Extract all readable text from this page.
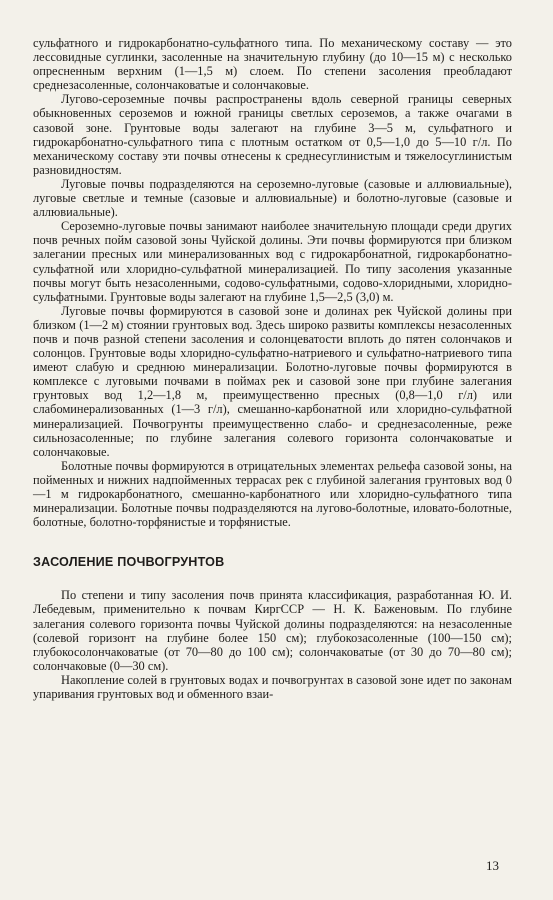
сульфатного и гидрокарбонатно-сульфатного типа. По механическому составу — это лессовидные суглинки, засоленные на значительную глубину (до 10—15 м) с несколько опресненным верхним (1—1,5 м) слоем. По степени засоления преобладают среднезасоленные, солончаковатые и солончаковые.

Лугово-сероземные почвы распространены вдоль северной границы северных обыкновенных сероземов и южной границы светлых сероземов, а также очагами в сазовой зоне. Грунтовые воды залегают на глубине 3—5 м, сульфатного и гидрокарбонатно-сульфатного типа с плотным остатком от 0,5—1,0 до 5—10 г/л. По механическому составу эти почвы отнесены к среднесуглинистым и тяжелосуглинистым разновидностям.

Луговые почвы подразделяются на сероземно-луговые (сазовые и аллювиальные), луговые светлые и темные (сазовые и аллювиальные) и болотно-луговые (сазовые и аллювиальные).

Сероземно-луговые почвы занимают наиболее значительную площади среди других почв речных пойм сазовой зоны Чуйской долины. Эти почвы формируются при близком залегании пресных или минерализованных вод с гидрокарбонатной, гидрокарбонатно-сульфатной или хлоридно-сульфатной минерализацией. По типу засоления указанные почвы могут быть незасоленными, содово-сульфатными, содово-хлоридными, хлоридно-сульфатными. Грунтовые воды залегают на глубине 1,5—2,5 (3,0) м.

Луговые почвы формируются в сазовой зоне и долинах рек Чуйской долины при близком (1—2 м) стоянии грунтовых вод. Здесь широко развиты комплексы незасоленных почв и почв разной степени засоления и солонцеватости вплоть до пятен солончаков и солонцов. Грунтовые воды хлоридно-сульфатно-натриевого и сульфатно-натриевого типа имеют слабую и среднюю минерализации. Болотно-луговые почвы формируются в комплексе с луговыми почвами в поймах рек и сазовой зоне при глубине залегания грунтовых вод 1,2—1,8 м, преимущественно пресных (0,8—1,0 г/л) или слабоминерализованных (1—3 г/л), смешанно-карбонатной или хлоридно-сульфатной минерализацией. Почвогрунты преимущественно слабо- и среднезасоленные, реже сильнозасоленные; по глубине залегания солевого горизонта солончаковатые и солончаковые.

Болотные почвы формируются в отрицательных элементах рельефа сазовой зоны, на пойменных и нижних надпойменных террасах рек с глубиной залегания грунтовых вод 0—1 м гидрокарбонатного, смешанно-карбонатного или хлоридно-сульфатного типа минерализации. Болотные почвы подразделяются на лугово-болотные, иловато-болотные, болотные, болотно-торфянистые и торфянистые.

ЗАСОЛЕНИЕ ПОЧВОГРУНТОВ

По степени и типу засоления почв принята классификация, разработанная Ю. И. Лебедевым, применительно к почвам КиргССР — Н. К. Баженовым. По глубине залегания солевого горизонта почвы Чуйской долины подразделяются: на незасоленные (солевой горизонт на глубине более 150 см); глубокозасоленные (100—150 см); глубокосолончаковатые (от 70—80 до 100 см); солончаковатые (от 30 до 70—80 см); солончаковые (0—30 см).

Накопление солей в грунтовых водах и почвогрунтах в сазовой зоне идет по законам упаривания грунтовых вод и обменного взаи-

13
